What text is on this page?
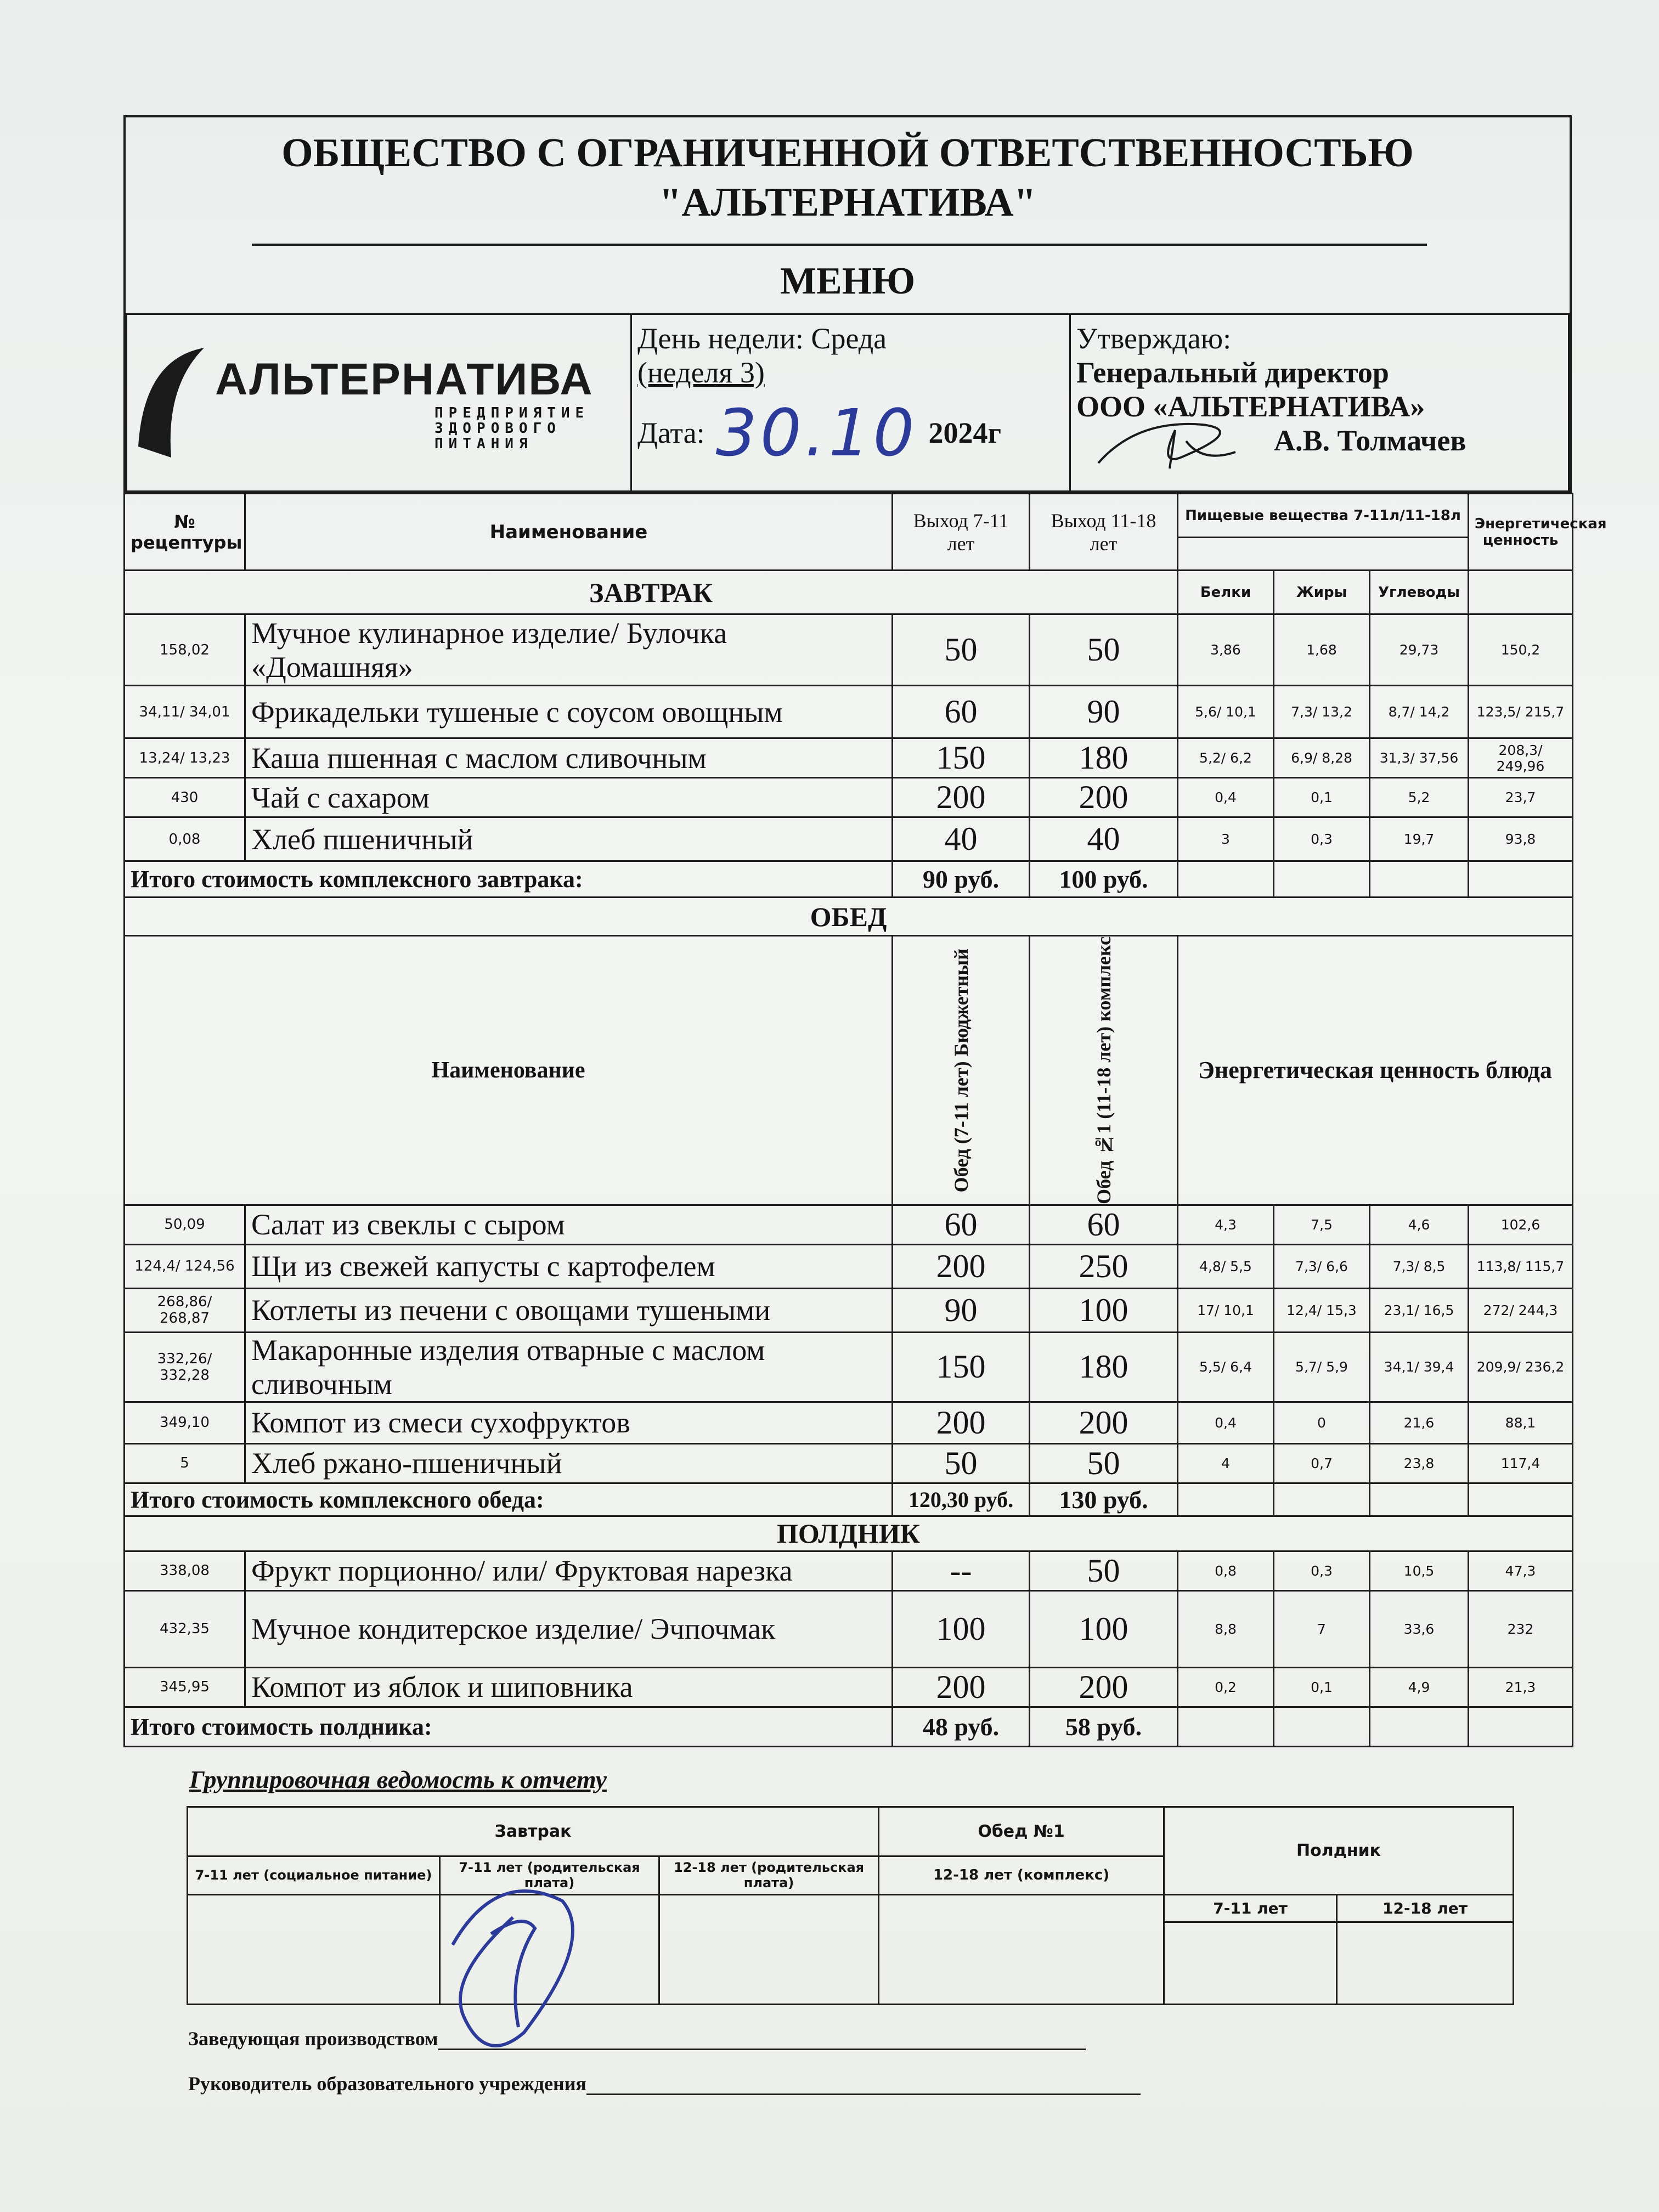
ОБЩЕСТВО С ОГРАНИЧЕННОЙ ОТВЕТСТВЕННОСТЬЮ
"АЛЬТЕРНАТИВА"
МЕНЮ
АЛЬТЕРНАТИВА
ПРЕДПРИЯТИЕ
ЗДОРОВОГО
ПИТАНИЯ

День недели: Среда
(неделя 3)
Дата: 30.10 2024г

Утверждаю:
Генеральный директор
ООО «АЛЬТЕРНАТИВА»
А.В. Толмачев
№ рецептуры	Наименование	Выход 7-11 лет	Выход 11-18 лет	Пищевые вещества 7-11л/11-18л			Энергетическая ценность

ЗАВТРАК				Белки	Жиры	Углеводы	
158,02	Мучное кулинарное изделие/ Булочка «Домашняя»	50	50	3,86	1,68	29,73	150,2
34,11/ 34,01	Фрикадельки тушеные с соусом овощным	60	90	5,6/ 10,1	7,3/ 13,2	8,7/ 14,2	123,5/ 215,7
13,24/ 13,23	Каша пшенная с маслом сливочным	150	180	5,2/ 6,2	6,9/ 8,28	31,3/ 37,56	208,3/ 249,96
430	Чай с сахаром	200	200	0,4	0,1	5,2	23,7
0,08	Хлеб пшеничный	40	40	3	0,3	19,7	93,8
Итого стоимость комплексного завтрака:		90 руб.	100 руб.				
ОБЕД							
Наименование		Обед (7-11 лет) Бюджетный	Обед №1 (11-18 лет) комплекс	Энергетическая ценность блюда			
50,09	Салат из свеклы с сыром	60	60	4,3	7,5	4,6	102,6
124,4/ 124,56	Щи из свежей капусты с картофелем	200	250	4,8/ 5,5	7,3/ 6,6	7,3/ 8,5	113,8/ 115,7
268,86/ 268,87	Котлеты из печени с овощами тушеными	90	100	17/ 10,1	12,4/ 15,3	23,1/ 16,5	272/ 244,3
332,26/ 332,28	Макаронные изделия отварные с маслом сливочным	150	180	5,5/ 6,4	5,7/ 5,9	34,1/ 39,4	209,9/ 236,2
349,10	Компот из смеси сухофруктов	200	200	0,4	0	21,6	88,1
5	Хлеб ржано-пшеничный	50	50	4	0,7	23,8	117,4
Итого стоимость комплексного обеда:		120,30 руб.	130 руб.				
ПОЛДНИК							
338,08	Фрукт порционно/ или/ Фруктовая нарезка	--	50	0,8	0,3	10,5	47,3
432,35	Мучное кондитерское изделие/ Эчпочмак	100	100	8,8	7	33,6	232
345,95	Компот из яблок и шиповника	200	200	0,2	0,1	4,9	21,3
Итого стоимость полдника:		48 руб.	58 руб.				
Группировочная ведомость к отчету
Завтрак			Обед №1	Полдник	
7-11 лет (социальное питание)	7-11 лет (родительская плата)	12-18 лет (родительская плата)	12-18 лет (комплекс)		
				7-11 лет	12-18 лет

Заведующая производством
Руководитель образовательного учреждения
